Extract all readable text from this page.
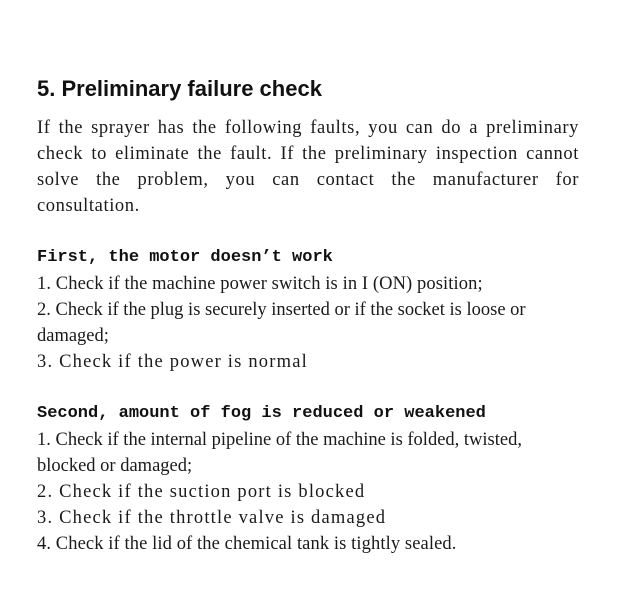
5. Preliminary failure check

If the sprayer has the following faults, you can do a preliminary check to eliminate the fault. If the preliminary inspection cannot solve the problem, you can contact the manufacturer for consultation.

First, the motor doesn’t work
1. Check if the machine power switch is in I (ON) position;
2. Check if the plug is securely inserted or if the socket is loose or damaged;
3. Check if the power is normal
Second, amount of fog is reduced or weakened
1. Check if the internal pipeline of the machine is folded, twisted, blocked or damaged;
2. Check if the suction port is blocked
3. Check if the throttle valve is damaged
4. Check if the lid of the chemical tank is tightly sealed.
